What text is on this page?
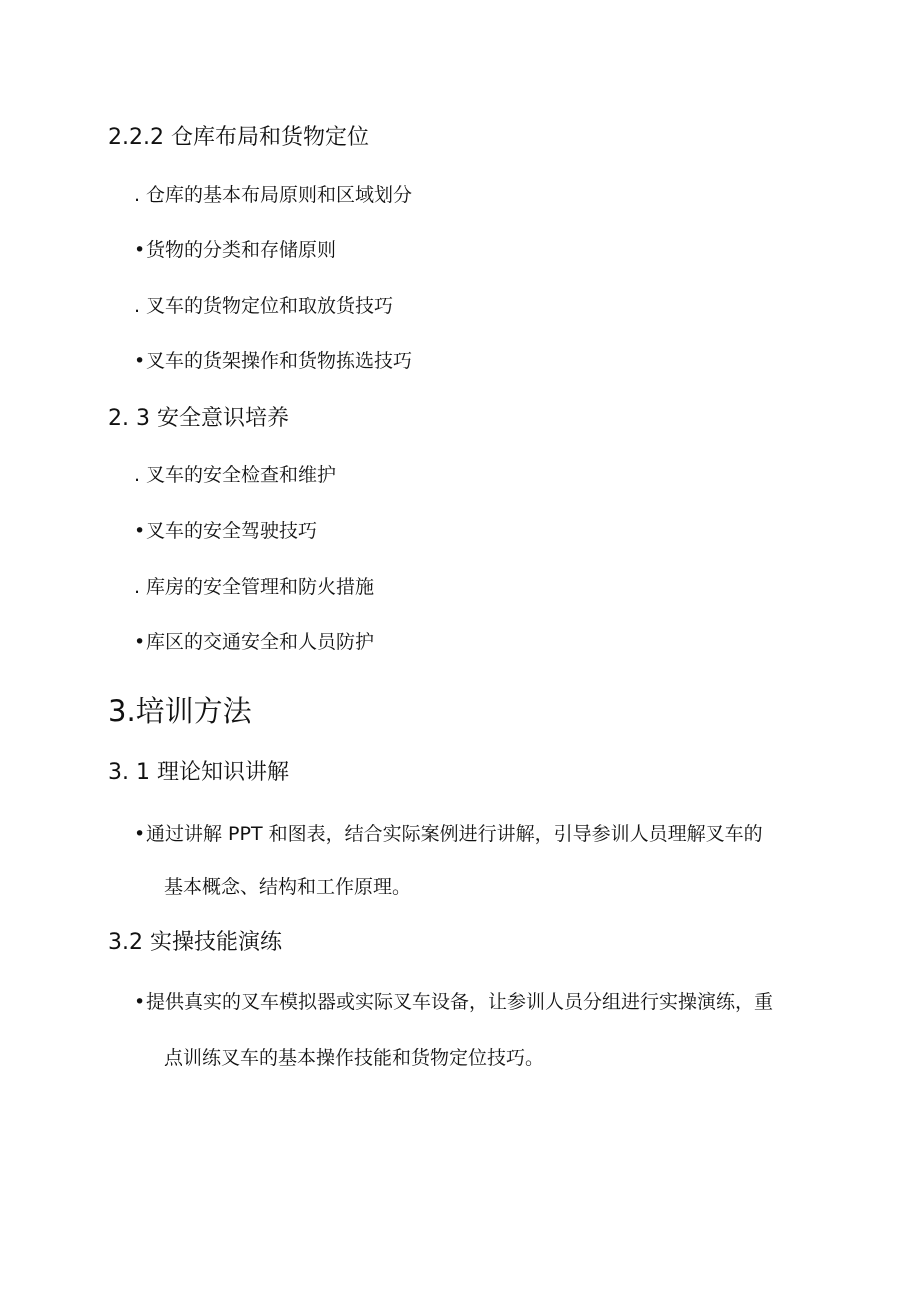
2.2.2 仓库布局和货物定位
. 仓库的基本布局原则和区域划分
•货物的分类和存储原则
. 叉车的货物定位和取放货技巧
•叉车的货架操作和货物拣选技巧
2. 3 安全意识培养
. 叉车的安全检查和维护
•叉车的安全驾驶技巧
. 库房的安全管理和防火措施
•库区的交通安全和人员防护
3.培训方法
3. 1 理论知识讲解
•通过讲解 PPT 和图表，结合实际案例进行讲解，引导参训人员理解叉车的
基本概念、结构和工作原理。
3.2 实操技能演练
•提供真实的叉车模拟器或实际叉车设备，让参训人员分组进行实操演练，重
点训练叉车的基本操作技能和货物定位技巧。
